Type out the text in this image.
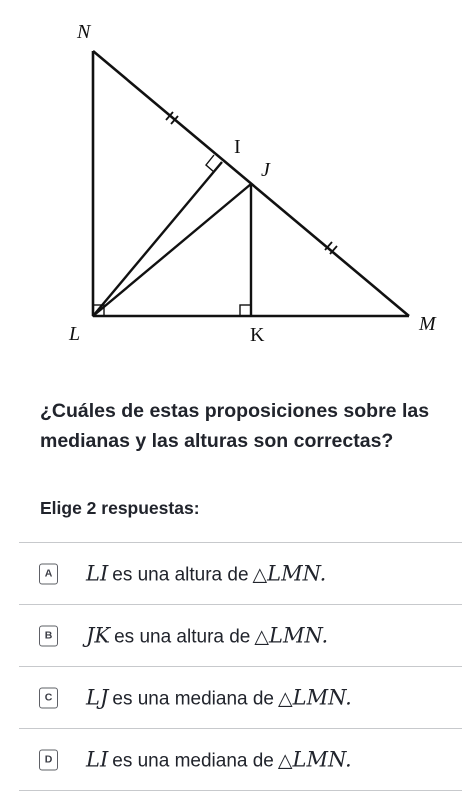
N
I
J
L	K	M
¿Cuáles de estas proposiciones sobre las medianas y las alturas son correctas?
Elige 2 respuestas:
A LI es una altura de △LMN.
B JK es una altura de △LMN.
C LJ es una mediana de △LMN.
D LI es una mediana de △LMN.
